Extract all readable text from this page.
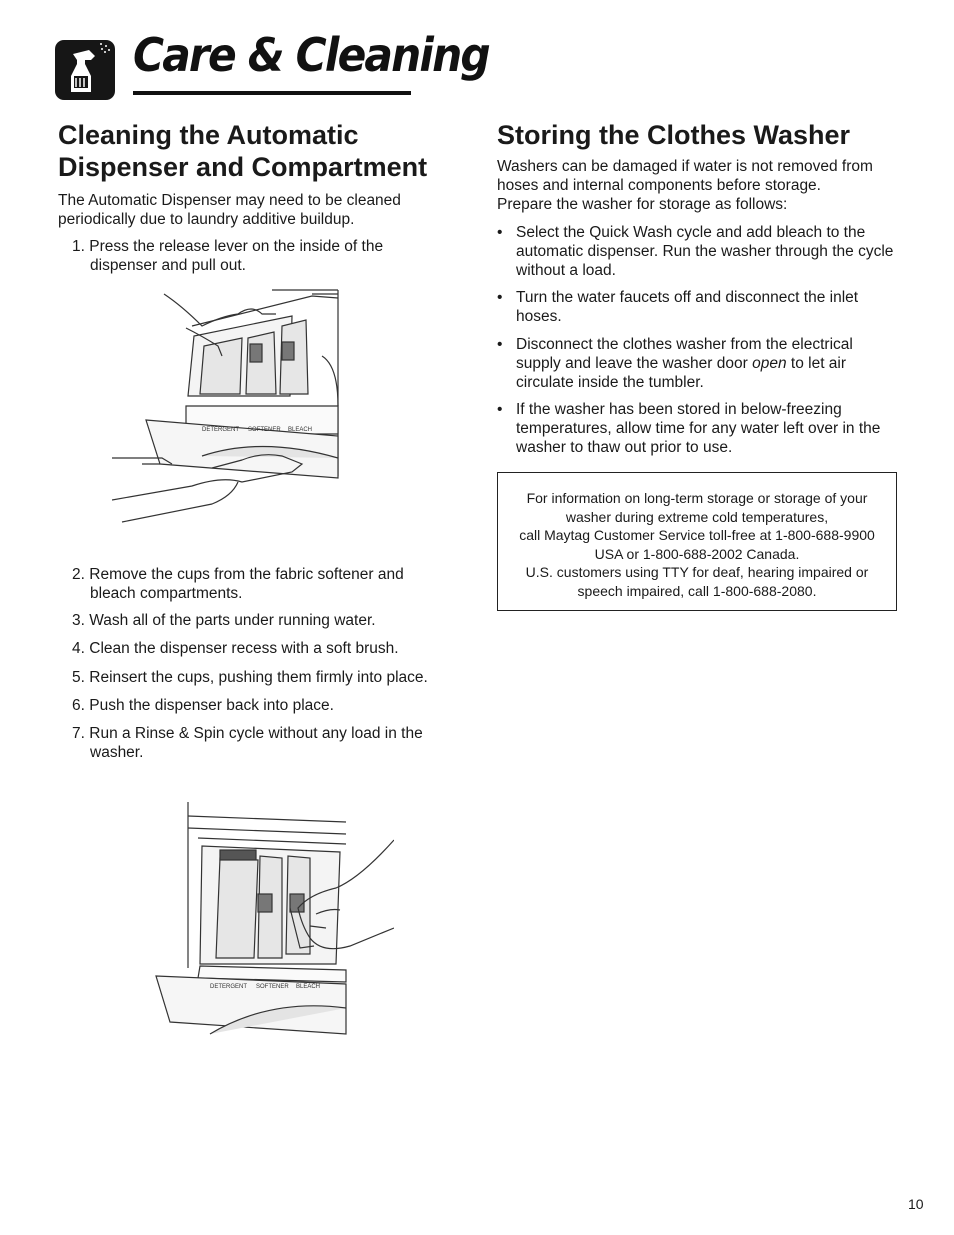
Care & Cleaning
Cleaning the Automatic
Dispenser and Compartment
The Automatic Dispenser may need to be cleaned periodically due to laundry additive buildup.
1. Press the release lever on the inside of the
dispenser and pull out.
DETERGENT SOFTENER BLEACH
2. Remove the cups from the fabric softener and
bleach compartments.
3. Wash all of the parts under running water.
4. Clean the dispenser recess with a soft brush.
5. Reinsert the cups, pushing them firmly into place.
6. Push the dispenser back into place.
7. Run a Rinse & Spin cycle without any load in the
washer.
DETERGENT SOFTENER BLEACH
Storing the Clothes Washer
Washers can be damaged if water is not removed from
hoses and internal components before storage.
Prepare the washer for storage as follows:
• Select the Quick Wash cycle and add bleach to the automatic dispenser. Run the washer through the cycle without a load.
• Turn the water faucets off and disconnect the inlet hoses.
• Disconnect the clothes washer from the electrical supply and leave the washer door open to let air circulate inside the tumbler.
• If the washer has been stored in below-freezing temperatures, allow time for any water left over in the washer to thaw out prior to use.
For information on long-term storage or storage of your
washer during extreme cold temperatures,
call Maytag Customer Service toll-free at 1-800-688-9900
USA or 1-800-688-2002 Canada.
U.S. customers using TTY for deaf, hearing impaired or
speech impaired, call 1-800-688-2080.
10
